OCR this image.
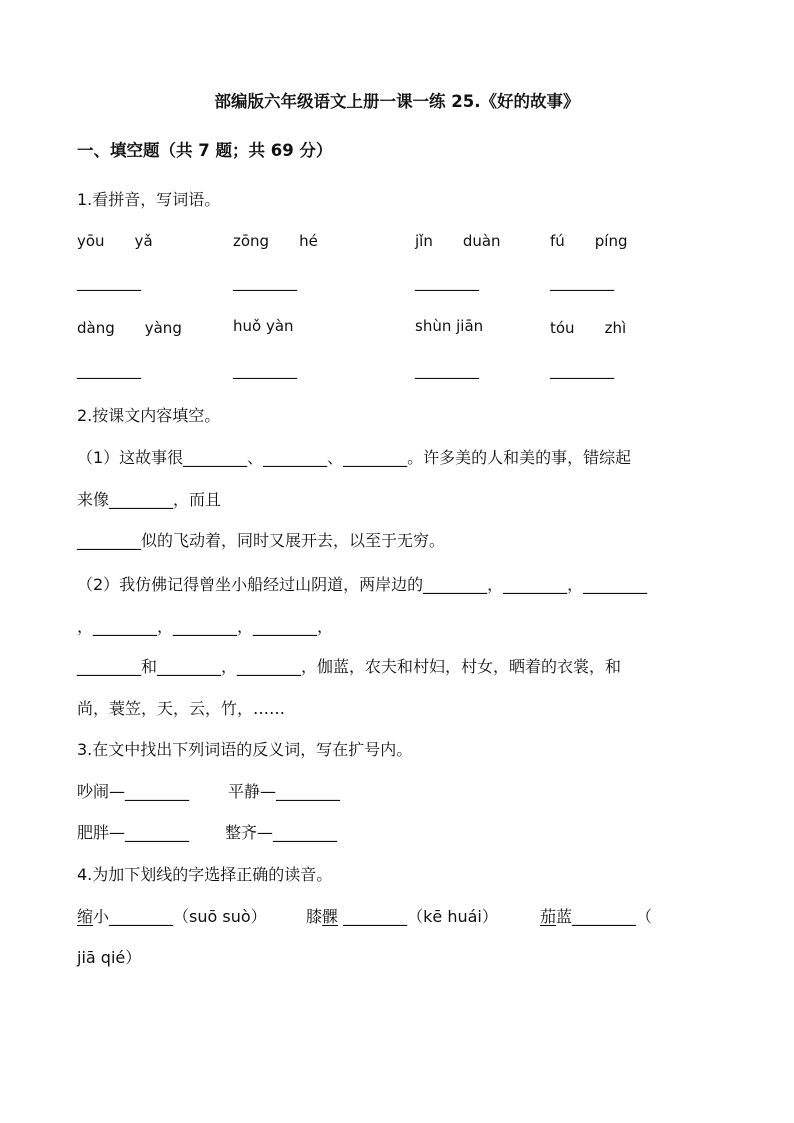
部编版六年级语文上册一课一练 25.《好的故事》
一、填空题（共 7 题；共 69 分）
1.看拼音，写词语。
yōu　　yǎ	zōng　　hé	jǐn　　duàn	fú　　píng
________	________	________	________
dàng　　yàng	huǒ yàn	shùn jiān	tóu　　zhì
________	________	________	________
2.按课文内容填空。
（1）这故事很________、________、________。许多美的人和美的事，错综起
来像________，而且
________似的飞动着，同时又展开去，以至于无穷。
（2）我仿佛记得曾坐小船经过山阴道，两岸边的________，________，________
，________，________，________，
________和________，________，伽蓝，农夫和村妇，村女，晒着的衣裳，和
尚，蓑笠，天，云，竹，……
3.在文中找出下列词语的反义词，写在扩号内。
吵闹—________ 平静—________
肥胖—________ 整齐—________
4.为加下划线的字选择正确的读音。
缩小________（suō suò） 膝髁 ________（kē huái）	茄蓝________（
jiā qié）
